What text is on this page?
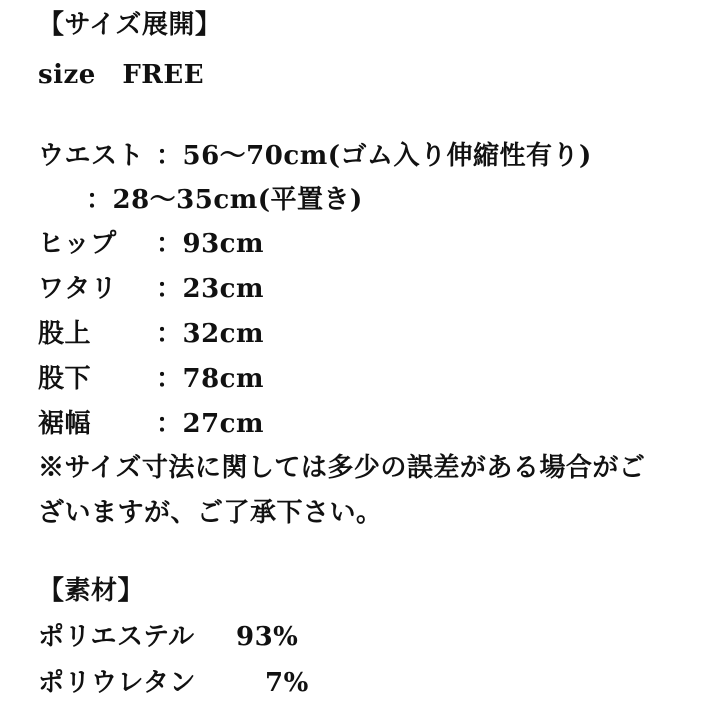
【サイズ展開】
size　FREE
ウエスト ：56〜70cm(ゴム入り伸縮性有り)
：28〜35cm(平置き)
ヒップ ：93cm
ワタリ ：23cm
股上 ：32cm
股下 ：78cm
裾幅 ：27cm
※サイズ寸法に関しては多少の誤差がある場合がご
ざいますが、ご了承下さい。
【素材】
ポリエステル 93%
ポリウレタン	7%
